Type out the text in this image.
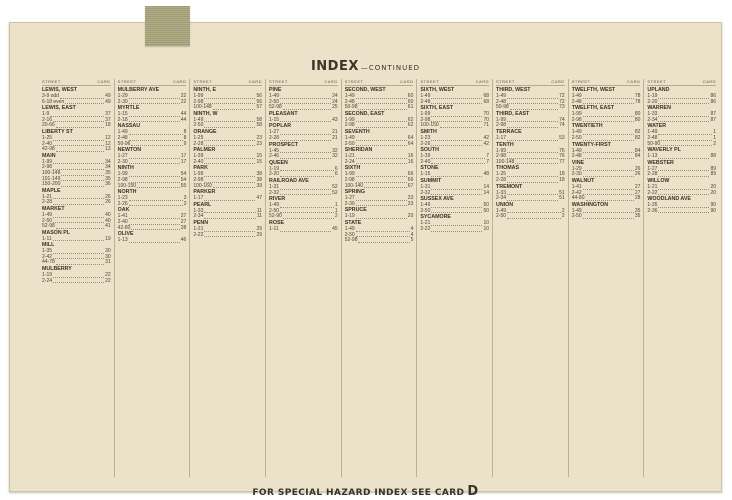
INDEX —CONTINUED
STREET	CARD
LEWIS, WEST
3-9 odd	49
6-18 even	49
LEWIS, EAST
1-9	37
2-16	37
20-66	18
LIBERTY ST
1-25	12
2-40	12
42-98	13
MAIN
1-99	34
2-98	34
100-148	35
101-149	35
150-200	36
MAPLE
1-21	26
2-28	26
MARKET
1-49	40
2-50	40
52-98	41
MASON PL
1-11	19
MILL
1-35	30
2-42	30
44-78	31
MULBERRY
1-19	22
2-24	22
STREET	CARD
MULBERRY AVE
1-29	22
2-30	22
MYRTLE
1-15	44
2-18	44
NASSAU
1-49	8
2-48	8
50-96	9
NEWTON
1-27	17
2-30	17
NINTH
1-99	54
2-98	54
100-150	55
NORTH
1-23	3
2-26	3
OAK
1-41	27
2-40	27
42-80	28
OLIVE
1-13	46
STREET	CARD
NINTH, E
1-99	56
2-98	56
100-148	57
NINTH, W
1-49	58
2-50	58
ORANGE
1-25	23
2-28	23
PALMER
1-39	15
2-40	15
PARK
1-99	38
2-98	38
100-160	39
PARKER
1-17	47
PEARL
1-33	11
2-34	11
PENN
1-21	29
2-22	29
STREET	CARD
PINE
1-49	24
2-50	24
52-98	25
PLEASANT
1-15	43
POPLAR
1-27	21
2-28	21
PROSPECT
1-45	32
2-46	32
QUEEN
1-19	6
2-20	6
RAILROAD AVE
1-31	52
2-32	52
RIVER
1-49	1
2-50	1
52-90	2
ROSE
1-11	45
STREET	CARD
SECOND, WEST
1-49	60
2-48	60
50-98	61
SECOND, EAST
1-99	62
2-98	62
SEVENTH
1-49	64
2-50	64
SHERIDAN
1-21	16
2-24	16
SIXTH
1-99	66
2-98	66
100-140	67
SPRING
1-27	33
2-30	33
SPRUCE
1-19	20
STATE
1-49	4
2-50	4
52-98	5
STREET	CARD
SIXTH, WEST
1-49	68
2-48	68
SIXTH, EAST
1-99	70
2-98	70
100-150	71
SMITH
1-23	42
2-26	42
SOUTH
1-39	7
2-40	7
STONE
1-15	48
SUMMIT
1-31	14
2-32	14
SUSSEX AVE
1-49	50
2-50	50
SYCAMORE
1-21	10
2-22	10
STREET	CARD
THIRD, WEST
1-49	72
2-48	72
50-98	73
THIRD, EAST
1-99	74
2-98	74
TERRACE
1-17	53
TENTH
1-99	76
2-98	76
100-148	77
THOMAS
1-25	18
2-28	18
TREMONT
1-33	51
2-34	51
UNION
1-49	2
2-50	2
STREET	CARD
TWELFTH, WEST
1-49	78
2-48	78
TWELFTH, EAST
1-99	80
2-98	80
TWENTIETH
1-49	82
2-50	82
TWENTY-FIRST
1-49	84
2-48	84
VINE
1-29	26
2-30	26
WALNUT
1-41	27
2-42	27
44-80	28
WASHINGTON
1-49	35
2-50	35
STREET	CARD
UPLAND
1-19	86
2-20	86
WARREN
1-33	87
2-34	87
WATER
1-49	1
2-48	1
50-90	2
WAVERLY PL
1-13	88
WEBSTER
1-27	89
2-28	89
WILLOW
1-21	20
2-22	20
WOODLAND AVE
1-35	90
2-36	90
FOR SPECIAL HAZARD INDEX SEE CARD D
